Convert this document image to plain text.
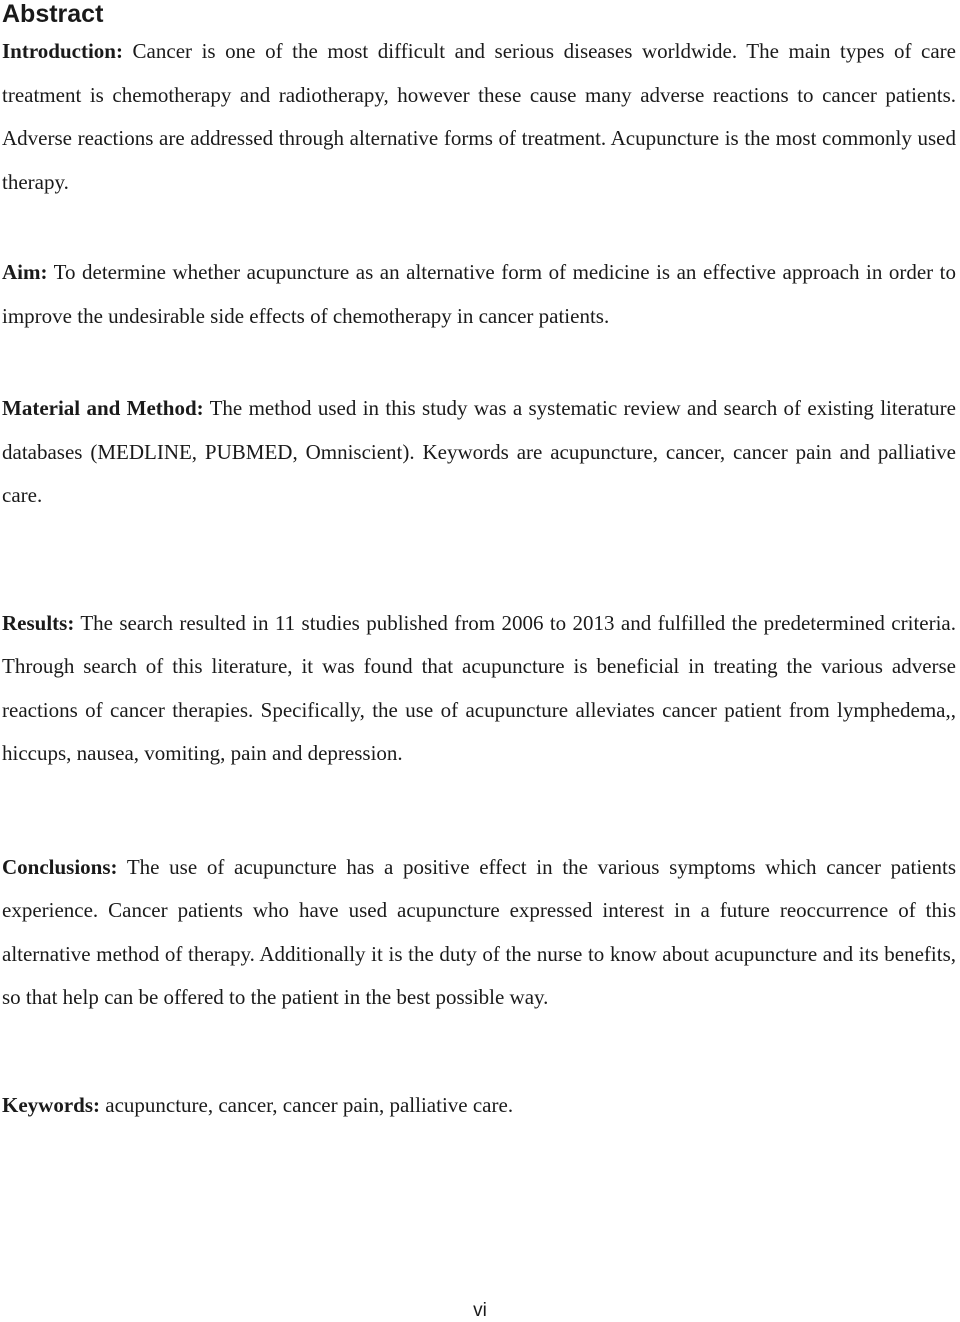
Abstract

Introduction: Cancer is one of the most difficult and serious diseases worldwide. The main types of care treatment is chemotherapy and radiotherapy, however these cause many adverse reactions to cancer patients. Adverse reactions are addressed through alternative forms of treatment. Acupuncture is the most commonly used therapy.

Aim: To determine whether acupuncture as an alternative form of medicine is an effective approach in order to improve the undesirable side effects of chemotherapy in cancer patients.

Material and Method: The method used in this study was a systematic review and search of existing literature databases (MEDLINE, PUBMED, Omniscient). Keywords are acupuncture, cancer, cancer pain and palliative care.

Results: The search resulted in 11 studies published from 2006 to 2013 and fulfilled the predetermined criteria. Through search of this literature, it was found that acupuncture is beneficial in treating the various adverse reactions of cancer therapies. Specifically, the use of acupuncture alleviates cancer patient from lymphedema,, hiccups, nausea, vomiting, pain and depression.

Conclusions: The use of acupuncture has a positive effect in the various symptoms which cancer patients experience. Cancer patients who have used acupuncture expressed interest in a future reoccurrence of this alternative method of therapy. Additionally it is the duty of the nurse to know about acupuncture and its benefits, so that help can be offered to the patient in the best possible way.

Keywords: acupuncture, cancer, cancer pain, palliative care.

vi
